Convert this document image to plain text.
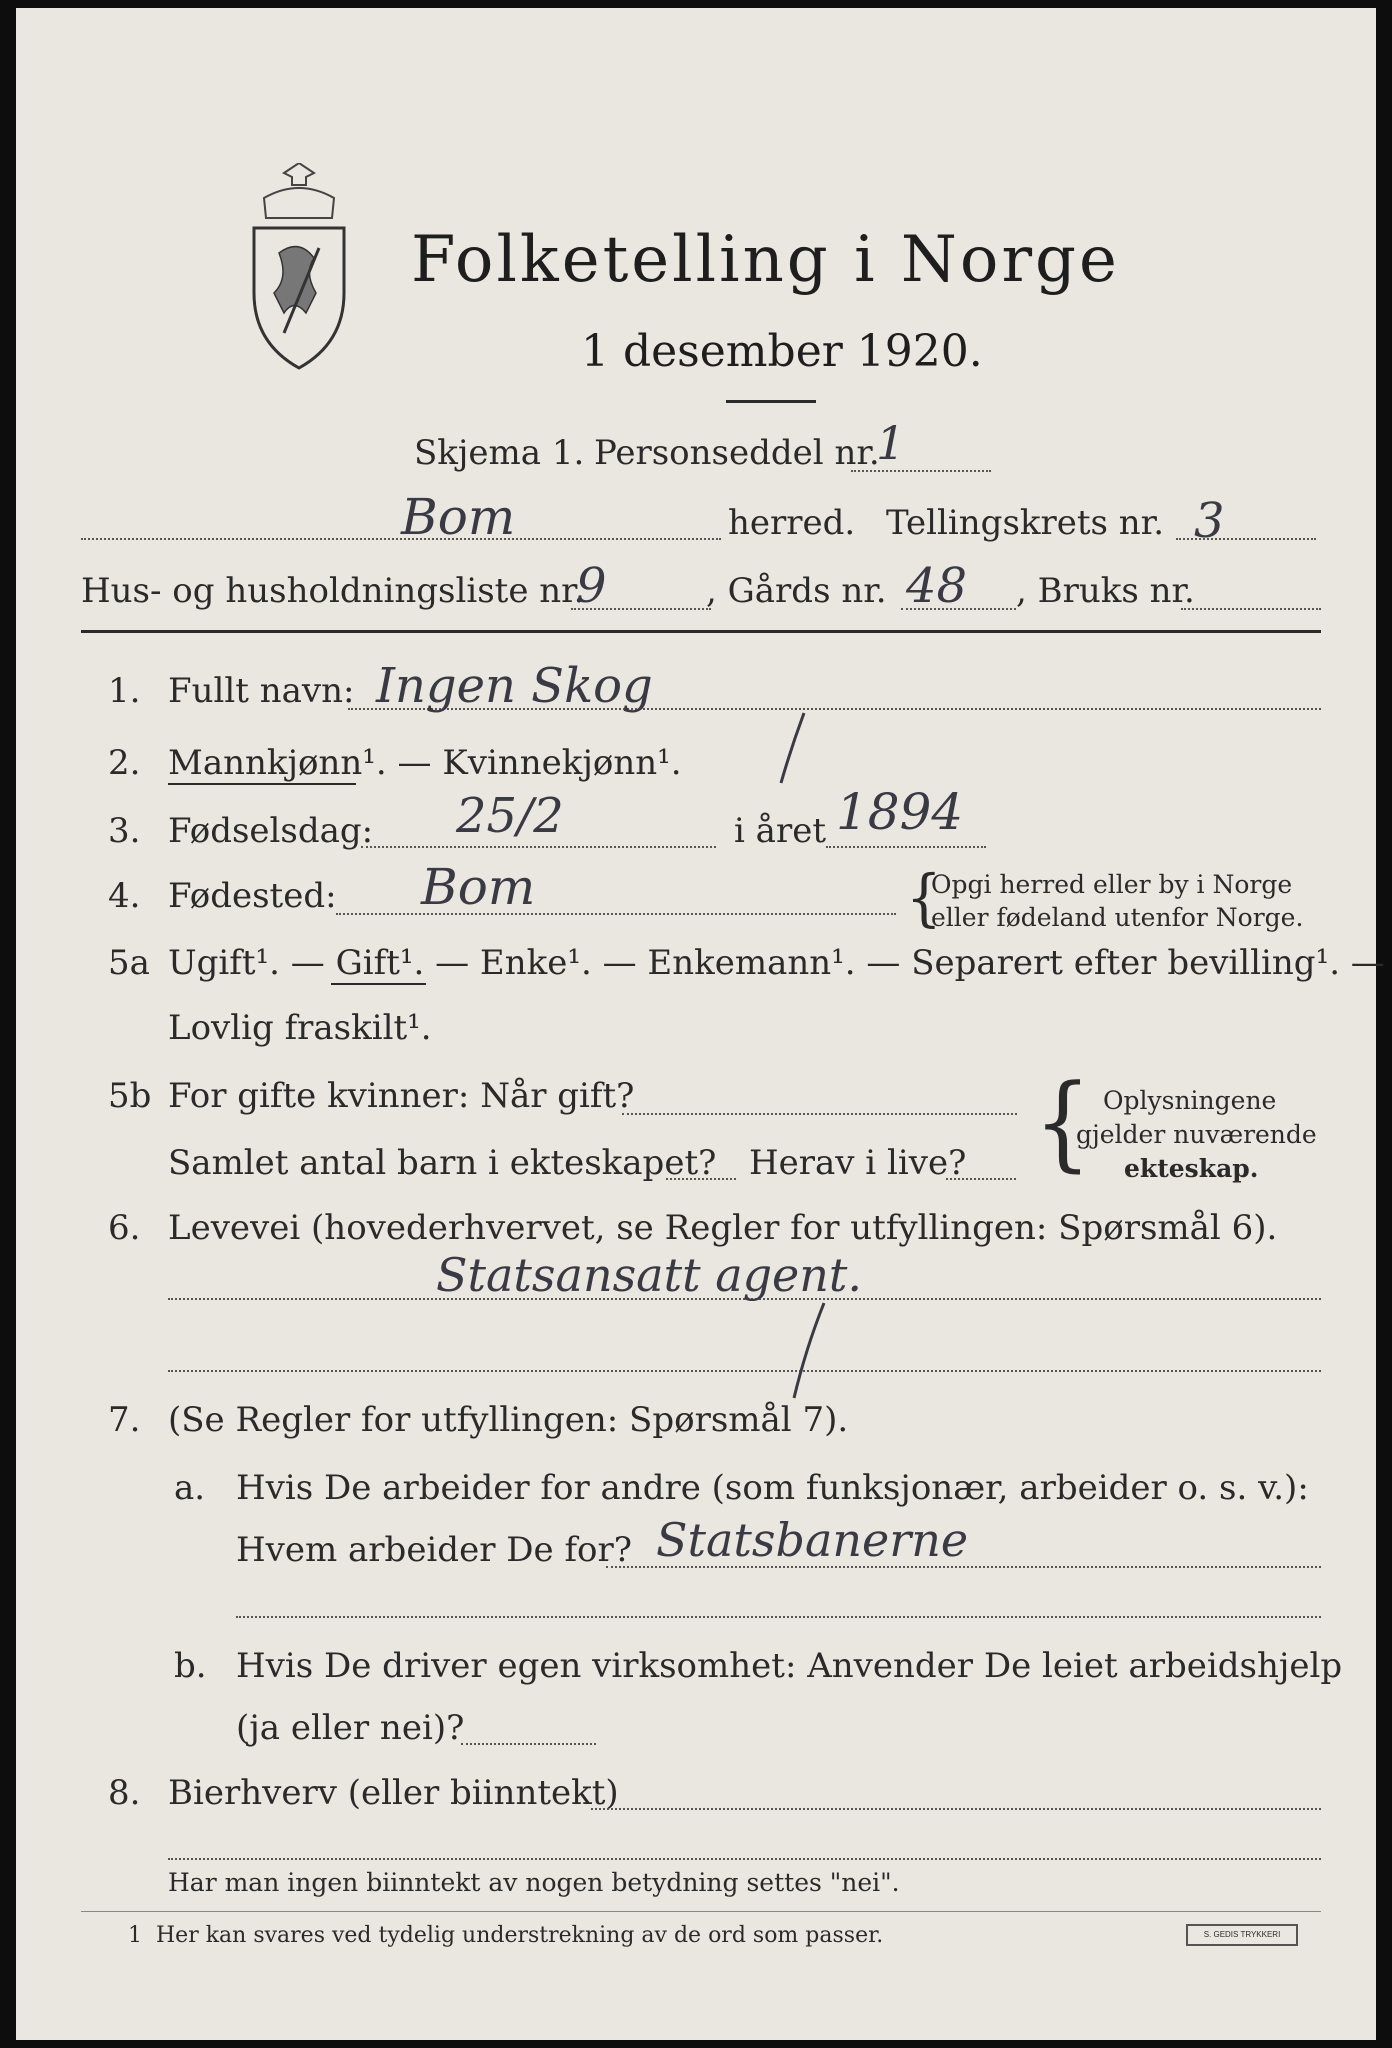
Folketelling i Norge
1 desember 1920.
Skjema 1. Personseddel nr.
1
Bom	herred. Tellingskrets nr. 3
Hus- og husholdningsliste nr.
9	, Gårds nr. 48 , Bruks nr.
1. Fullt navn: Ingen Skog
2. Mannkjønn¹. — Kvinnekjønn¹.
3. Fødselsdag: 25/2	i året 1894
4. Fødested: Bom	{
Opgi herred eller by i Norge
eller fødeland utenfor Norge.
5a Ugift¹. — Gift¹. — Enke¹. — Enkemann¹. — Separert efter bevilling¹. —
Lovlig fraskilt¹.
5b For gifte kvinner: Når gift?
Samlet antal barn i ekteskapet? Herav i live? { Oplysningene
gjelder nuværende
ekteskap.
6. Levevei (hovederhvervet, se Regler for utfyllingen: Spørsmål 6).
Statsansatt agent.
7. (Se Regler for utfyllingen: Spørsmål 7).
a. Hvis De arbeider for andre (som funksjonær, arbeider o. s. v.):
Hvem arbeider De for? Statsbanerne
b. Hvis De driver egen virksomhet: Anvender De leiet arbeidshjelp
(ja eller nei)?
8. Bierhverv (eller biinntekt)
Har man ingen biinntekt av nogen betydning settes "nei".
1 Her kan svares ved tydelig understrekning av de ord som passer.	S. GEDIS TRYKKERI
